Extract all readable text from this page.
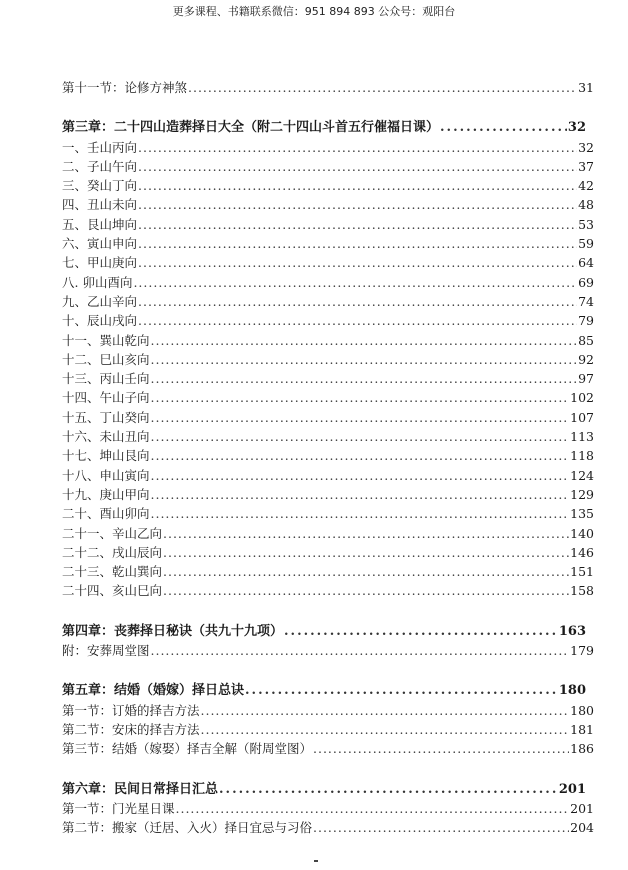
更多课程、书籍联系微信：951 894 893 公众号：观阳台
第十一节：论修方神煞 .....	31
第三章：二十四山造葬择日大全（附二十四山斗首五行催福日课） .....	32
一、壬山丙向 .....	32
二、子山午向 .....	37
三、癸山丁向 .....	42
四、丑山未向 .....	48
五、艮山坤向 .....	53
六、寅山申向 .....	59
七、甲山庚向 .....	64
八. 卯山酉向 .....	69
九、乙山辛向 .....	74
十、辰山戌向 .....	79
十一、巽山乾向 .....	85
十二、巳山亥向 .....	92
十三、丙山壬向 .....	97
十四、午山子向 .....	102
十五、丁山癸向 .....	107
十六、未山丑向 .....	113
十七、坤山艮向 .....	118
十八、申山寅向 .....	124
十九、庚山甲向 .....	129
二十、酉山卯向 .....	135
二十一、辛山乙向 .....	140
二十二、戌山辰向 .....	146
二十三、乾山巽向 .....	151
二十四、亥山巳向 .....	158
第四章：丧葬择日秘诀（共九十九项） .....	163
附：安葬周堂图 .....	179
第五章：结婚（婚嫁）择日总诀 .....	180
第一节：订婚的择吉方法 .....	180
第二节：安床的择吉方法 .....	181
第三节：结婚（嫁娶）择吉全解（附周堂图） .....	186
第六章：民间日常择日汇总 .....	201
第一节：门光星日课 .....	201
第二节：搬家（迁居、入火）择日宜忌与习俗 .....	204
